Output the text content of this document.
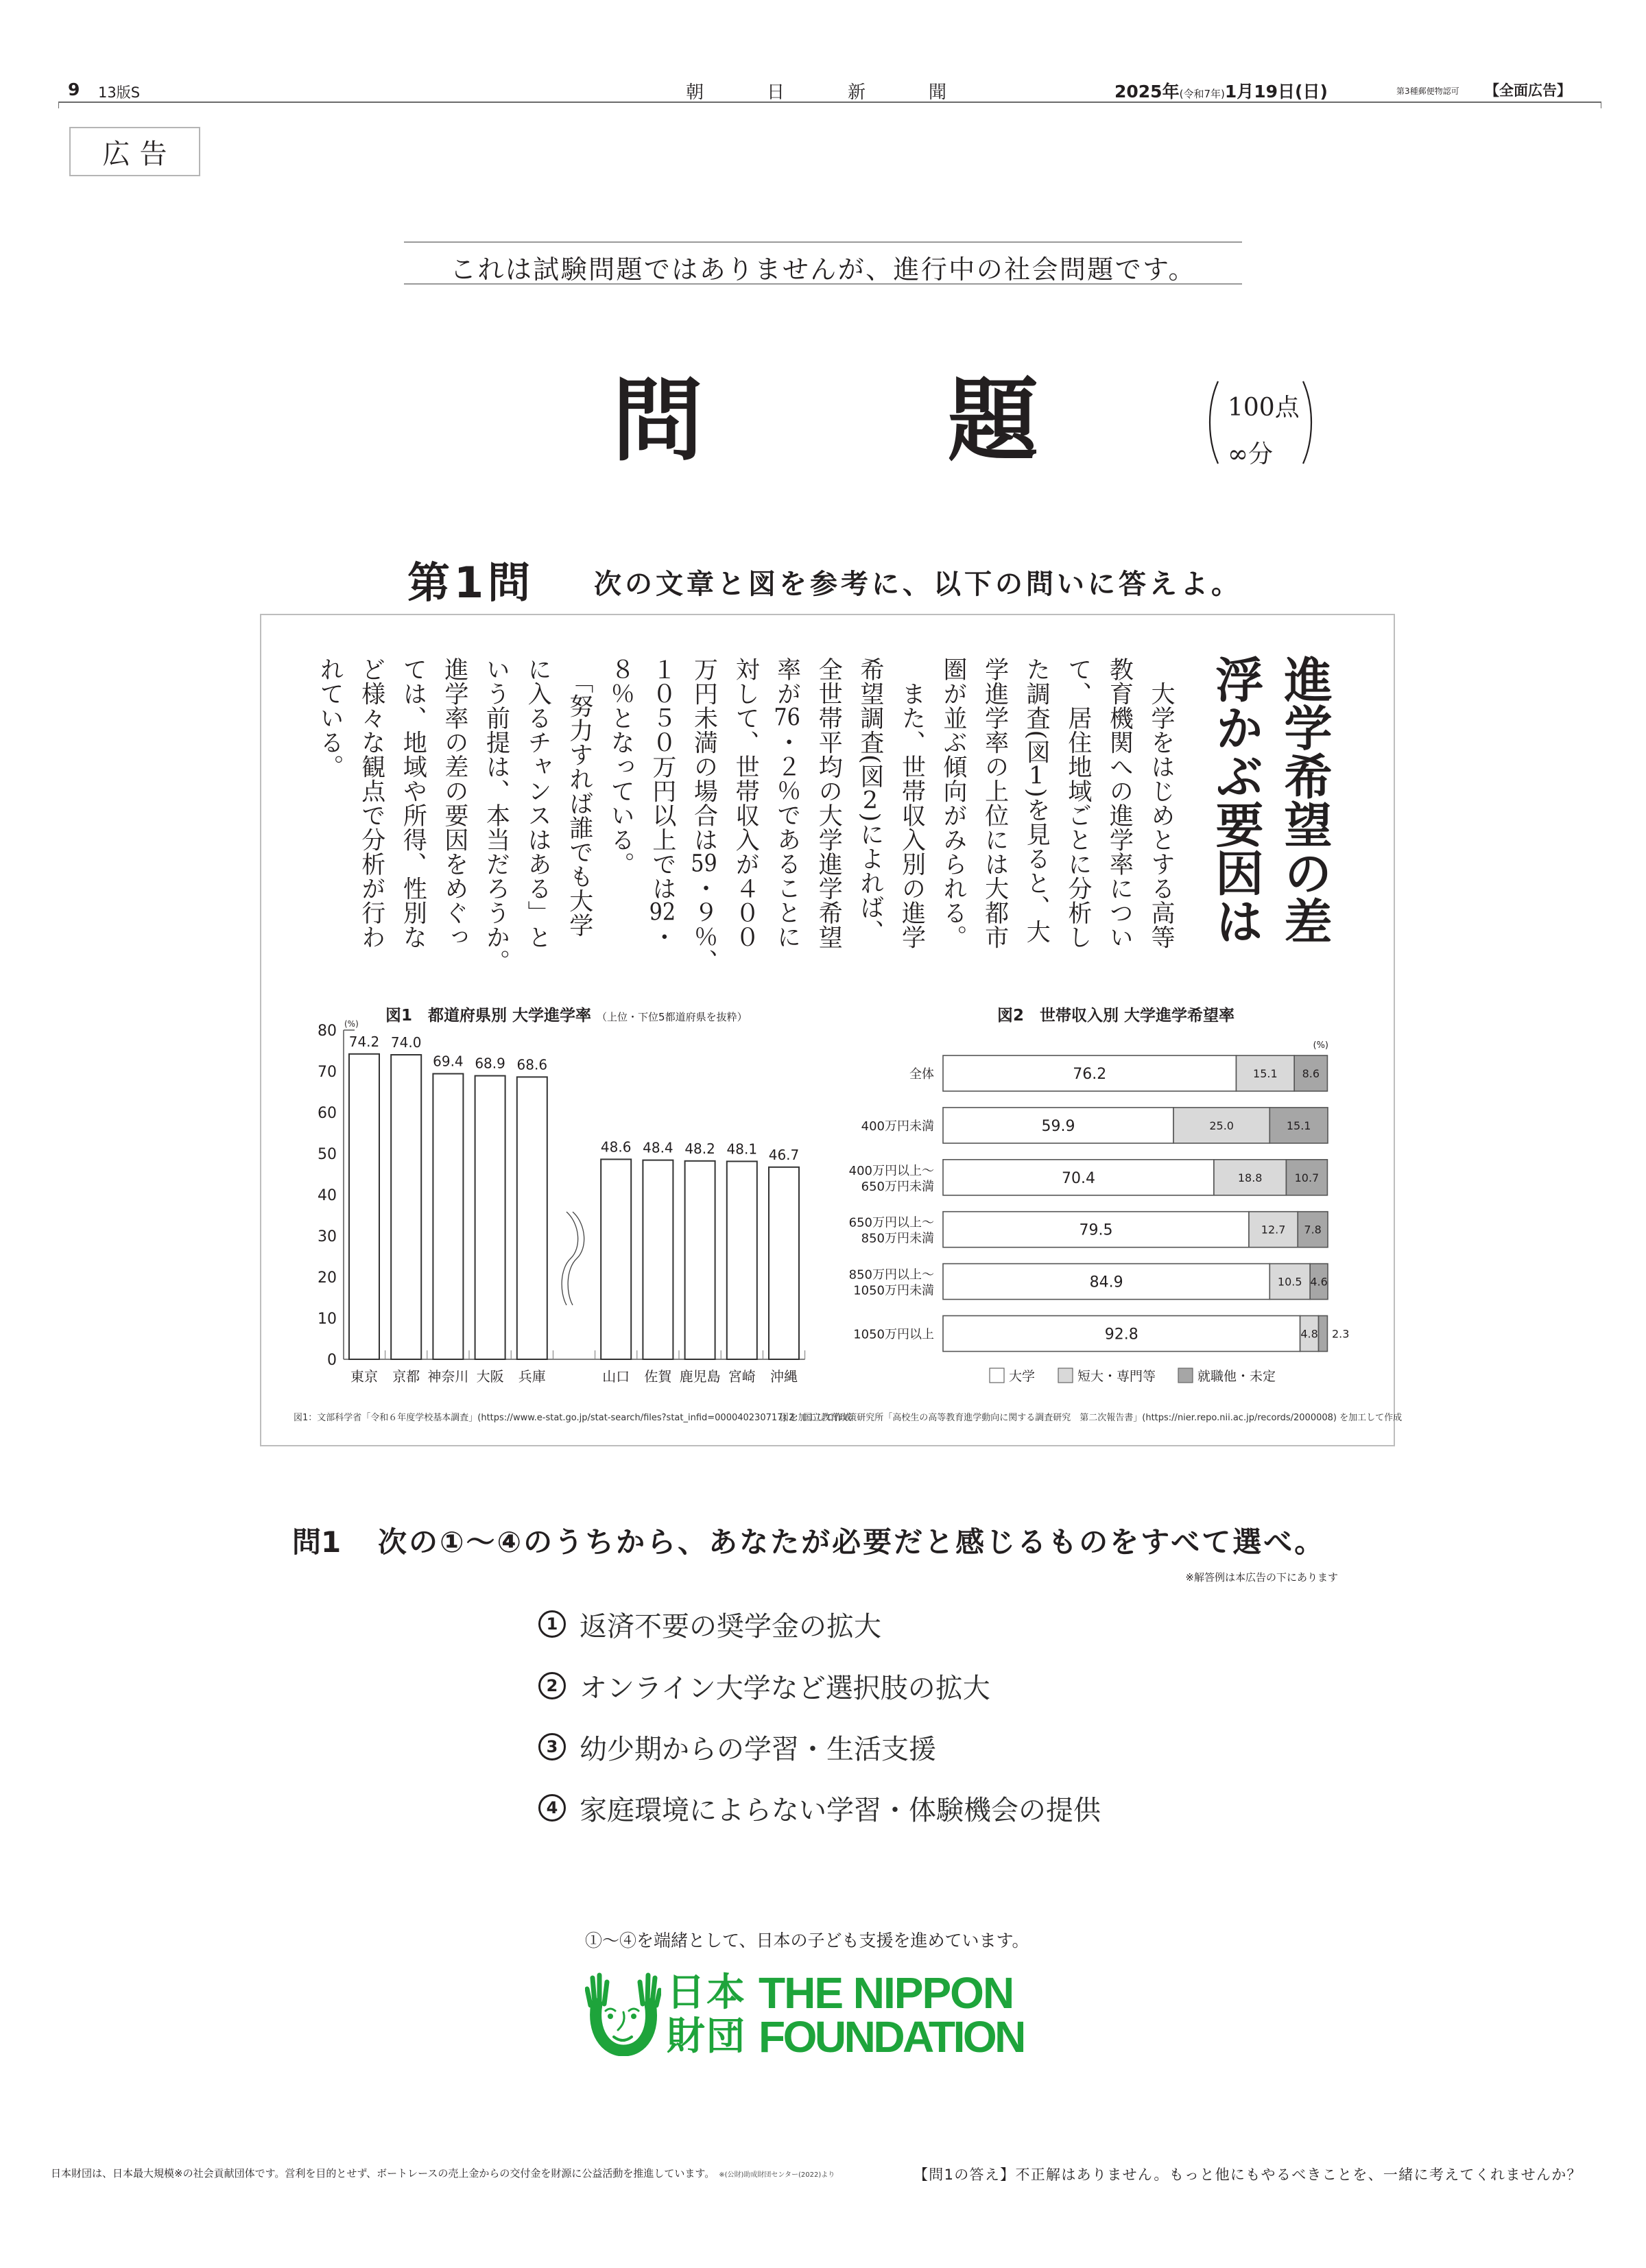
9 13版S	朝日新聞	2025年(令和7年)1月19日(日)	第3種郵便物認可 【全面広告】
広告
これは試験問題ではありませんが、進行中の社会問題です。
問	題	100点
∞分
第1問 次の文章と図を参考に、以下の問いに答えよ。
進学希望の差
浮かぶ要因は
　大学をはじめとする高等
教育機関への進学率につい
て、居住地域ごとに分析し
た調査(図1)を見ると、大
学進学率の上位には大都市
圏が並ぶ傾向がみられる。
　また、世帯収入別の進学
希望調査(図2)によれば、
全世帯平均の大学進学希望
率が76・２％であることに
対して、世帯収入が４００
万円未満の場合は59・９％、
１０５０万円以上では92・
８％となっている。
　「努力すれば誰でも大学
に入るチャンスはある」と
いう前提は、本当だろうか。
進学率の差の要因をめぐっ
ては、地域や所得、性別な
ど様々な観点で分析が行わ
れている。
図1　都道府県別 大学進学率 （上位・下位5都道府県を抜粋）
0
10
20
30
40
50
60
70
80 (%)
74.2
東京
74.0
京都
69.4
神奈川
68.9
大阪
68.6
兵庫
48.6
山口
48.4
佐賀
48.2
鹿児島
48.1
宮崎
46.7
沖縄
図2　世帯収入別 大学進学希望率
(%)
全体	76.2	15.1 8.6
400万円未満	59.9	25.0	15.1
400万円以上～
650万円未満	70.4	18.8	10.7
650万円以上～
850万円未満	79.5	12.7 7.8
850万円以上～
1050万円未満	84.9	10.5 4.6
1050万円以上	92.8	4.8 2.3
大学	短大・専門等	就職他・未定
図1：文部科学省「令和６年度学校基本調査」(https://www.e-stat.go.jp/stat-search/files?stat_infid=000040230717) を加工して作成
図2：国立教育政策研究所「高校生の高等教育進学動向に関する調査研究　第二次報告書」(https://nier.repo.nii.ac.jp/records/2000008) を加工して作成
問1 次の①～④のうちから、あなたが必要だと感じるものをすべて選べ。
※解答例は本広告の下にあります
1 返済不要の奨学金の拡大
2 オンライン大学など選択肢の拡大
3 幼少期からの学習・生活支援
4 家庭環境によらない学習・体験機会の提供
①～④を端緒として、日本の子ども支援を進めています。
日本
財団
THE NIPPON
FOUNDATION
日本財団は、日本最大規模※の社会貢献団体です。営利を目的とせず、ボートレースの売上金からの交付金を財源に公益活動を推進しています。 ※(公財)助成財団センター(2022)より	【問1の答え】不正解はありません。もっと他にもやるべきことを、一緒に考えてくれませんか？
